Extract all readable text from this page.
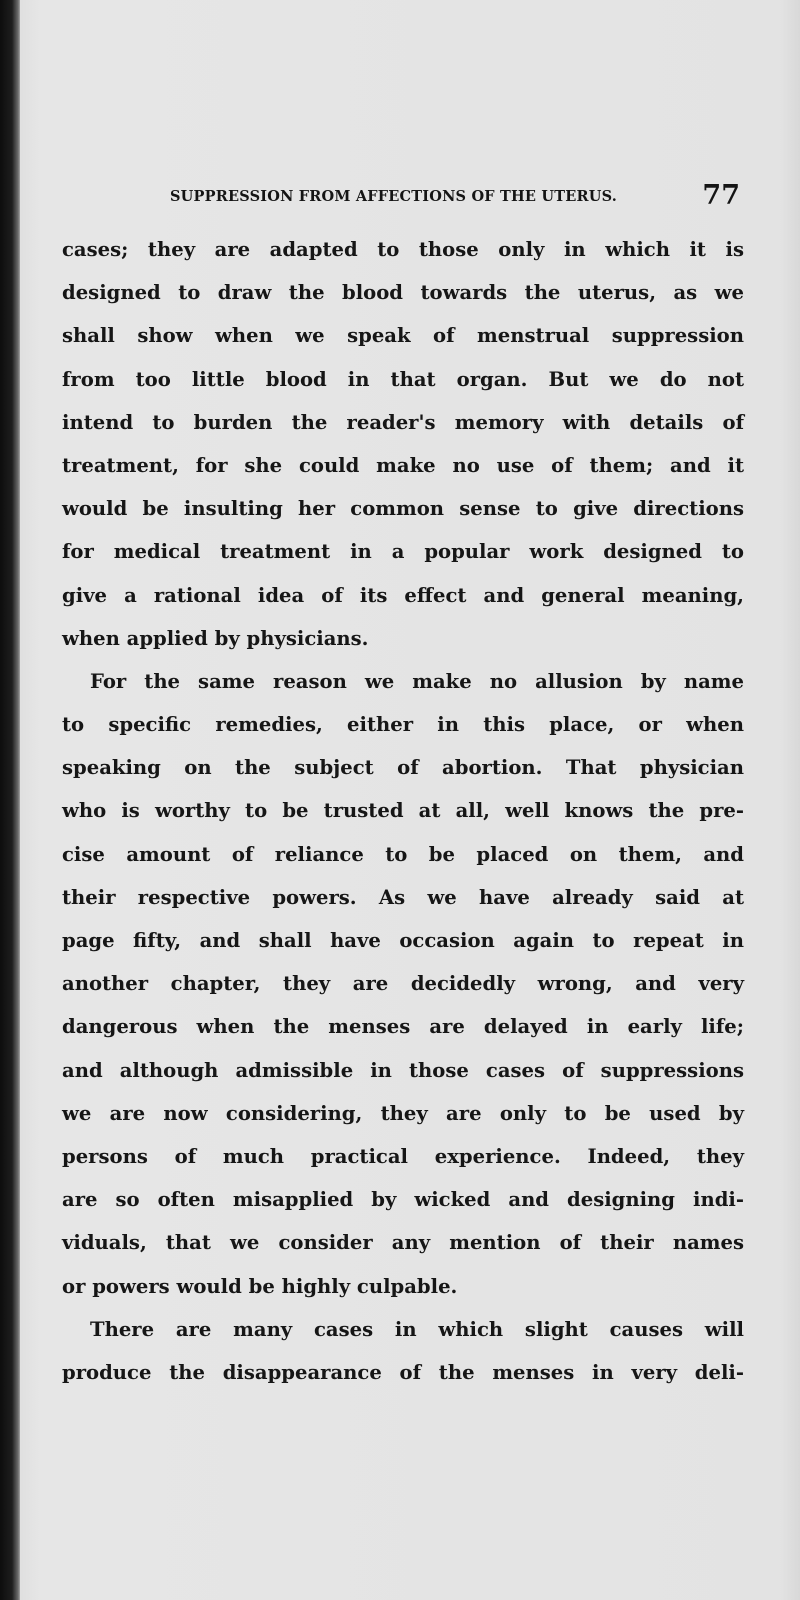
SUPPRESSION FROM AFFECTIONS OF THE UTERUS.	77
cases; they are adapted to those only in which it is
designed to draw the blood towards the uterus, as we
shall show when we speak of menstrual suppression
from too little blood in that organ. But we do not
intend to burden the reader's memory with details of
treatment, for she could make no use of them; and it
would be insulting her common sense to give directions
for medical treatment in a popular work designed to
give a rational idea of its effect and general meaning,
when applied by physicians.
For the same reason we make no allusion by name
to specific remedies, either in this place, or when
speaking on the subject of abortion. That physician
who is worthy to be trusted at all, well knows the pre-
cise amount of reliance to be placed on them, and
their respective powers. As we have already said at
page fifty, and shall have occasion again to repeat in
another chapter, they are decidedly wrong, and very
dangerous when the menses are delayed in early life;
and although admissible in those cases of suppressions
we are now considering, they are only to be used by
persons of much practical experience. Indeed, they
are so often misapplied by wicked and designing indi-
viduals, that we consider any mention of their names
or powers would be highly culpable.
There are many cases in which slight causes will
produce the disappearance of the menses in very deli-
